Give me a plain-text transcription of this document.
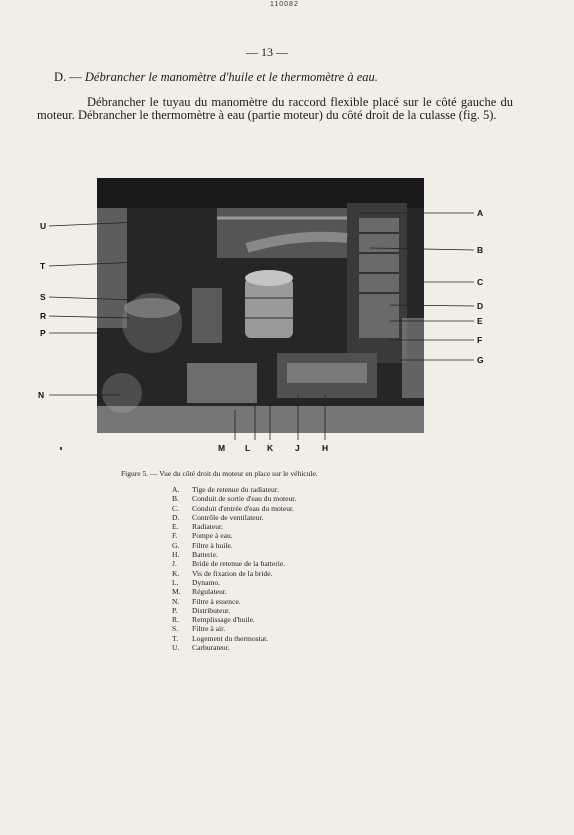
110082
— 13 —
D. — Débrancher le manomètre d'huile et le thermomètre à eau.
Débrancher le tuyau du manomètre du raccord flexible placé sur le côté gauche du moteur. Débrancher le thermomètre à eau (partie moteur) du côté droit de la culasse (fig. 5).
U
T
S
R
P
N
A
B
C
D
E
F
G
M L K	J	H
Figure 5. — Vue du côté droit du moteur en place sur le véhicule.
A.	Tige de retenue du radiateur.
B.	Conduit de sortie d'eau du moteur.
C.	Conduit d'entrée d'eau du moteur.
D.	Contrôle de ventilateur.
E.	Radiateur.
F.	Pompe à eau.
G.	Filtre à huile.
H.	Batterie.
J.	Bride de retenue de la batterie.
K.	Vis de fixation de la bride.
L.	Dynamo.
M.	Régulateur.
N.	Filtre à essence.
P.	Distributeur.
R.	Remplissage d'huile.
S.	Filtre à air.
T.	Logement du thermostat.
U.	Carburateur.
